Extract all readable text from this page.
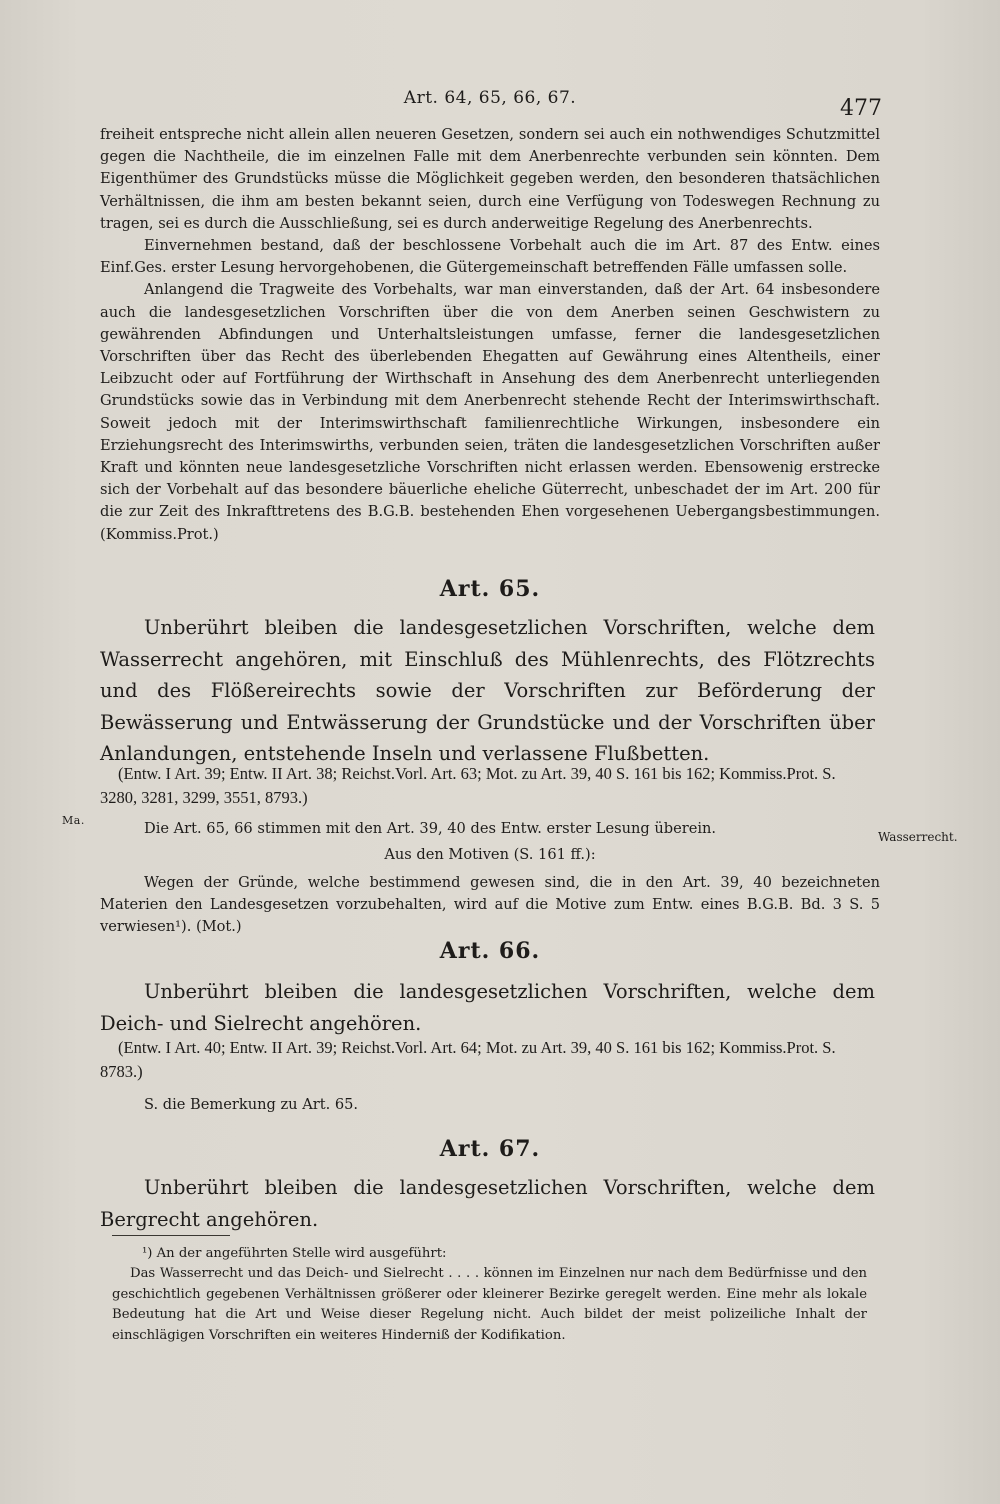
Art. 64, 65, 66, 67.	477

freiheit entspreche nicht allein allen neueren Gesetzen, sondern sei auch ein nothwendiges Schutzmittel gegen die Nachtheile, die im einzelnen Falle mit dem Anerbenrechte verbunden sein könnten. Dem Eigenthümer des Grundstücks müsse die Möglichkeit gegeben werden, den besonderen thatsächlichen Verhältnissen, die ihm am besten bekannt seien, durch eine Verfügung von Todeswegen Rechnung zu tragen, sei es durch die Ausschließung, sei es durch anderweitige Regelung des Anerbenrechts.

Einvernehmen bestand, daß der beschlossene Vorbehalt auch die im Art. 87 des Entw. eines Einf.Ges. erster Lesung hervorgehobenen, die Gütergemeinschaft betreffenden Fälle umfassen solle.

Anlangend die Tragweite des Vorbehalts, war man einverstanden, daß der Art. 64 insbesondere auch die landesgesetzlichen Vorschriften über die von dem Anerben seinen Geschwistern zu gewährenden Abfindungen und Unterhaltsleistungen umfasse, ferner die landesgesetzlichen Vorschriften über das Recht des überlebenden Ehegatten auf Gewährung eines Altentheils, einer Leibzucht oder auf Fortführung der Wirthschaft in Ansehung des dem Anerbenrecht unterliegenden Grundstücks sowie das in Verbindung mit dem Anerbenrecht stehende Recht der Interimswirthschaft. Soweit jedoch mit der Interimswirthschaft familienrechtliche Wirkungen, insbesondere ein Erziehungsrecht des Interimswirths, verbunden seien, träten die landesgesetzlichen Vorschriften außer Kraft und könnten neue landesgesetzliche Vorschriften nicht erlassen werden. Ebensowenig erstrecke sich der Vorbehalt auf das besondere bäuerliche eheliche Güterrecht, unbeschadet der im Art. 200 für die zur Zeit des Inkrafttretens des B.G.B. bestehenden Ehen vorgesehenen Uebergangsbestimmungen. (Kommiss.Prot.)

Art. 65.

Unberührt bleiben die landesgesetzlichen Vorschriften, welche dem Wasserrecht angehören, mit Einschluß des Mühlenrechts, des Flötzrechts und des Flößereirechts sowie der Vorschriften zur Beförderung der Bewässerung und Entwässerung der Grundstücke und der Vorschriften über Anlandungen, entstehende Inseln und verlassene Flußbetten.

(Entw. I Art. 39; Entw. II Art. 38; Reichst.Vorl. Art. 63; Mot. zu Art. 39, 40 S. 161 bis 162; Kommiss.Prot. S. 3280, 3281, 3299, 3551, 8793.)

Ma.
Wasserrecht.

Die Art. 65, 66 stimmen mit den Art. 39, 40 des Entw. erster Lesung überein.

Aus den Motiven (S. 161 ff.):

Wegen der Gründe, welche bestimmend gewesen sind, die in den Art. 39, 40 bezeichneten Materien den Landesgesetzen vorzubehalten, wird auf die Motive zum Entw. eines B.G.B. Bd. 3 S. 5 verwiesen¹). (Mot.)

Art. 66.

Unberührt bleiben die landesgesetzlichen Vorschriften, welche dem Deich- und Sielrecht angehören.

(Entw. I Art. 40; Entw. II Art. 39; Reichst.Vorl. Art. 64; Mot. zu Art. 39, 40 S. 161 bis 162; Kommiss.Prot. S. 8783.)

S. die Bemerkung zu Art. 65.

Art. 67.

Unberührt bleiben die landesgesetzlichen Vorschriften, welche dem Bergrecht angehören.

¹) An der angeführten Stelle wird ausgeführt:

Das Wasserrecht und das Deich- und Sielrecht . . . . können im Einzelnen nur nach dem Bedürfnisse und den geschichtlich gegebenen Verhältnissen größerer oder kleinerer Bezirke geregelt werden. Eine mehr als lokale Bedeutung hat die Art und Weise dieser Regelung nicht. Auch bildet der meist polizeiliche Inhalt der einschlägigen Vorschriften ein weiteres Hinderniß der Kodifikation.
